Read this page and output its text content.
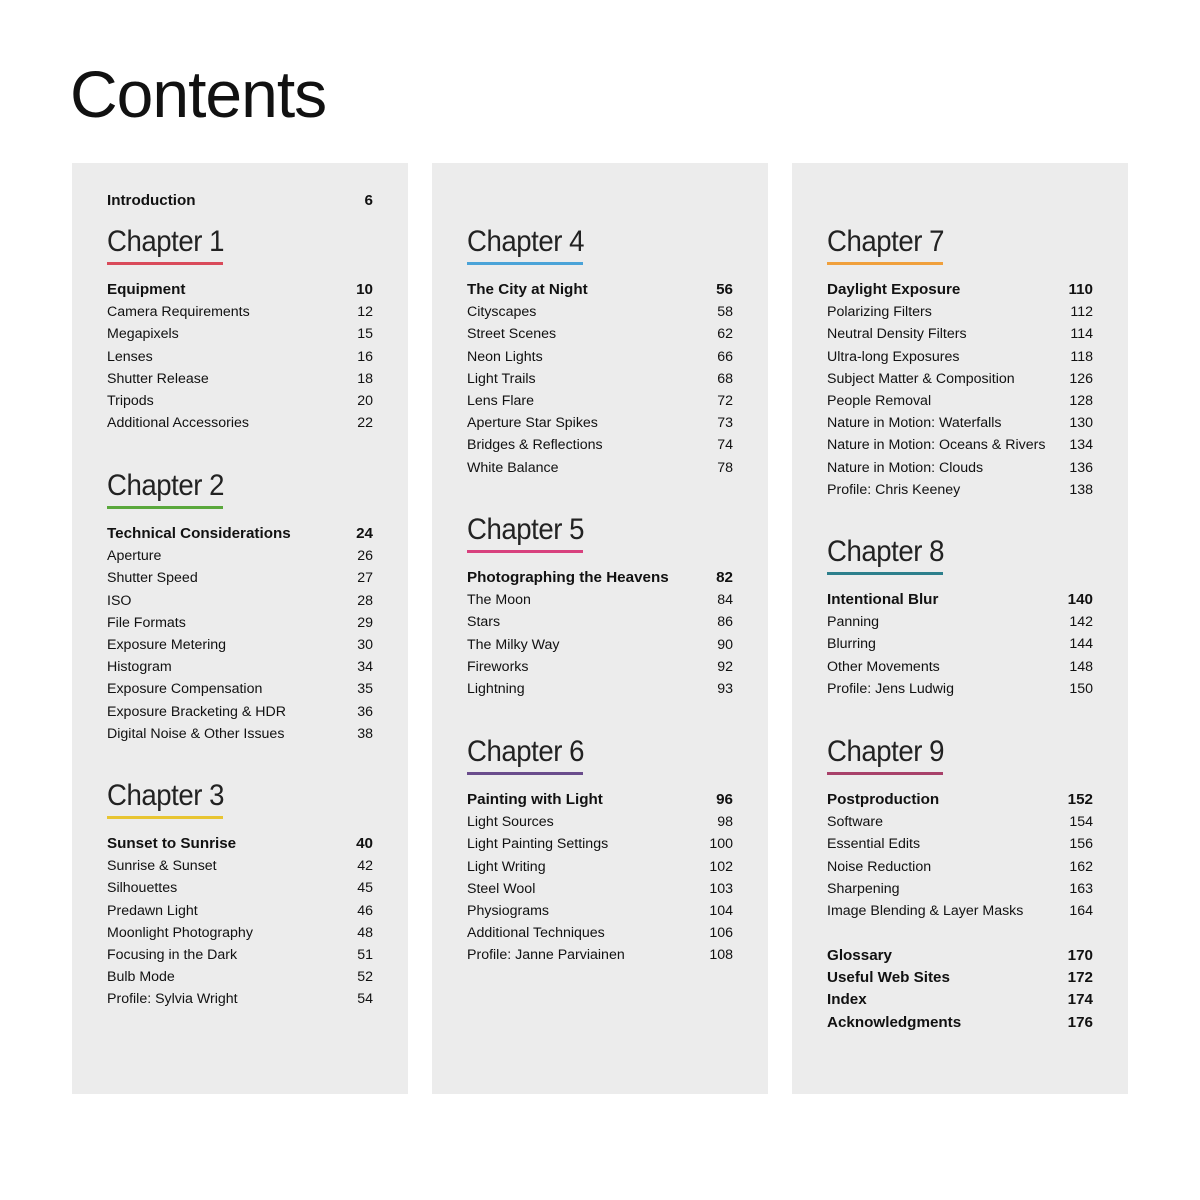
Contents
Introduction	6
Chapter 1
Equipment	10
Camera Requirements	12
Megapixels	15
Lenses	16
Shutter Release	18
Tripods	20
Additional Accessories	22
Chapter 2
Technical Considerations	24
Aperture	26
Shutter Speed	27
ISO	28
File Formats	29
Exposure Metering	30
Histogram	34
Exposure Compensation	35
Exposure Bracketing & HDR	36
Digital Noise & Other Issues	38
Chapter 3
Sunset to Sunrise	40
Sunrise & Sunset	42
Silhouettes	45
Predawn Light	46
Moonlight Photography	48
Focusing in the Dark	51
Bulb Mode	52
Profile: Sylvia Wright	54
Chapter 4
The City at Night	56
Cityscapes	58
Street Scenes	62
Neon Lights	66
Light Trails	68
Lens Flare	72
Aperture Star Spikes	73
Bridges & Reflections	74
White Balance	78
Chapter 5
Photographing the Heavens	82
The Moon	84
Stars	86
The Milky Way	90
Fireworks	92
Lightning	93
Chapter 6
Painting with Light	96
Light Sources	98
Light Painting Settings	100
Light Writing	102
Steel Wool	103
Physiograms	104
Additional Techniques	106
Profile: Janne Parviainen	108
Chapter 7
Daylight Exposure	110
Polarizing Filters	112
Neutral Density Filters	114
Ultra-long Exposures	118
Subject Matter & Composition	126
People Removal	128
Nature in Motion: Waterfalls	130
Nature in Motion: Oceans & Rivers 134
Nature in Motion: Clouds	136
Profile: Chris Keeney	138
Chapter 8
Intentional Blur	140
Panning	142
Blurring	144
Other Movements	148
Profile: Jens Ludwig	150
Chapter 9
Postproduction	152
Software	154
Essential Edits	156
Noise Reduction	162
Sharpening	163
Image Blending & Layer Masks	164
Glossary	170
Useful Web Sites	172
Index	174
Acknowledgments	176
